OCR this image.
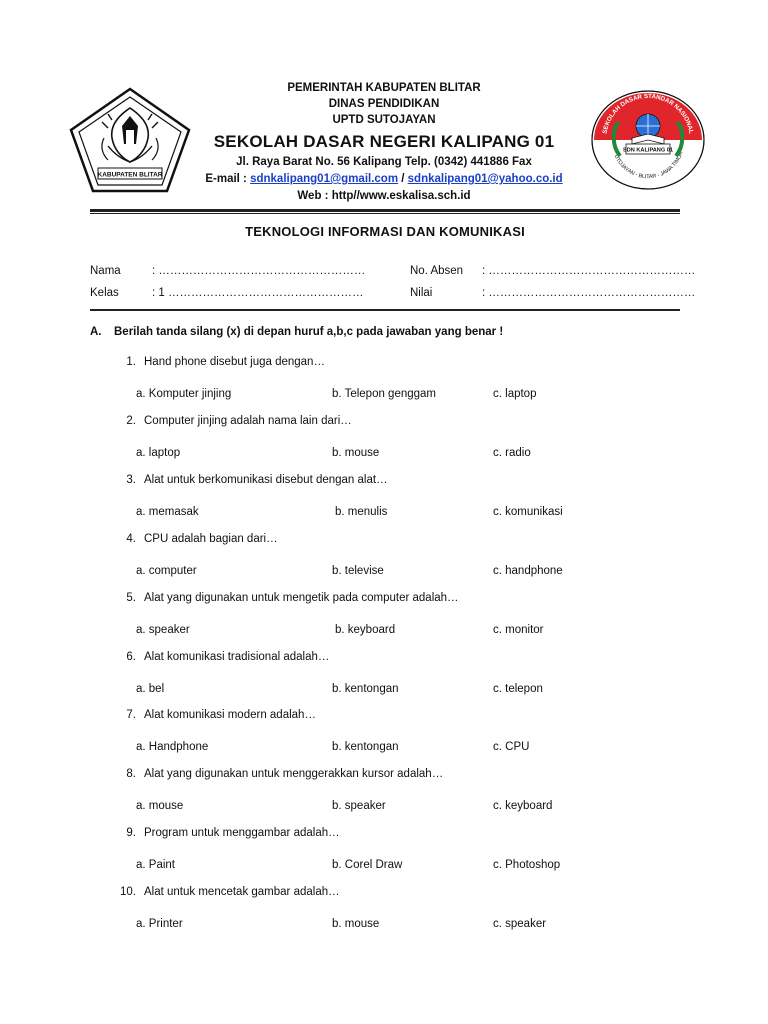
KABUPATEN BLITAR
PEMERINTAH KABUPATEN BLITAR
DINAS PENDIDIKAN
UPTD SUTOJAYAN
SEKOLAH DASAR NEGERI KALIPANG 01
Jl. Raya Barat No. 56 Kalipang Telp. (0342) 441886 Fax
E-mail : sdnkalipang01@gmail.com / sdnkalipang01@yahoo.co.id
Web : http//www.eskalisa.sch.id
SEKOLAH DASAR STANDAR NASIONAL
UTOJAYAN - BLITAR - JAWA TIMUR
SDN KALIPANG 01
TEKNOLOGI INFORMASI DAN KOMUNIKASI
Nama	: ………………………………………………
Kelas	: 1 ……………………………………………
No. Absen	: ………………………………………………
Nilai	: ………………………………………………
A. Berilah tanda silang (x) di depan huruf a,b,c pada jawaban yang benar !
1. Hand phone disebut juga dengan…
a. Komputer jinjing	b. Telepon genggam	c. laptop
2. Computer jinjing adalah nama lain dari…
a. laptop	b. mouse	c. radio
3. Alat untuk berkomunikasi disebut dengan alat…
a. memasak	b. menulis	c. komunikasi
4. CPU adalah bagian dari…
a. computer	b. televise	c. handphone
5. Alat yang digunakan untuk mengetik pada computer adalah…
a. speaker	b. keyboard	c. monitor
6. Alat komunikasi tradisional adalah…
a. bel	b. kentongan	c. telepon
7. Alat komunikasi modern adalah…
a. Handphone	b. kentongan	c. CPU
8. Alat yang digunakan untuk menggerakkan kursor adalah…
a. mouse	b. speaker	c. keyboard
9. Program untuk menggambar adalah…
a. Paint	b. Corel Draw	c. Photoshop
10. Alat untuk mencetak gambar adalah…
a. Printer	b. mouse	c. speaker
